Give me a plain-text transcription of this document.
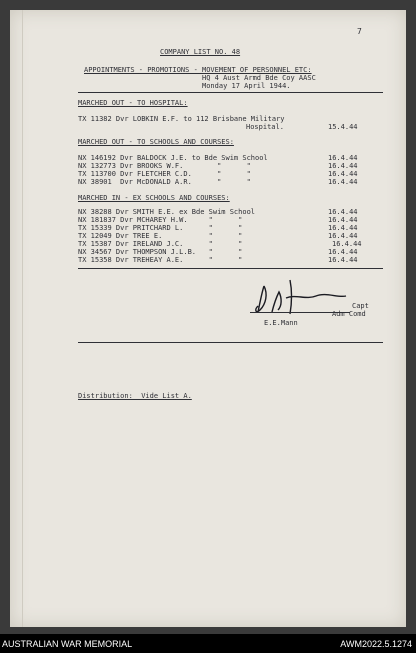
7
COMPANY LIST NO. 48
APPOINTMENTS - PROMOTIONS - MOVEMENT OF PERSONNEL ETC:
HQ 4 Aust Armd Bde Coy AASC
Monday 17 April 1944.
MARCHED OUT - TO HOSPITAL:
TX 11382 Dvr LOBKIN E.F. to 112 Brisbane Military
Hospital.	15.4.44
MARCHED OUT - TO SCHOOLS AND COURSES:
NX 146192 Dvr BALDOCK J.E. to Bde Swim School	16.4.44
NX 132773 Dvr BROOKS W.F.        "      "	16.4.44
TX 113700 Dvr FLETCHER C.D.      "      "	16.4.44
NX 38901  Dvr McDONALD A.R.      "      "	16.4.44
MARCHED IN - EX SCHOOLS AND COURSES:
NX 38288 Dvr SMITH E.E. ex Bde Swim School	16.4.44
NX 181837 Dvr MCHAREY H.W.     "      "	16.4.44
TX 15339 Dvr PRITCHARD L.      "      "	16.4.44
TX 12049 Dvr TREE E.           "      "	16.4.44
TX 15387 Dvr IRELAND J.C.      "      "	16.4.44
NX 34567 Dvr THOMPSON J.L.B.   "      "	16.4.44
TX 15358 Dvr TREHEAY A.E.      "      "	16.4.44
Capt
Adm Comd
E.E.Mann
Distribution:  Vide List A.
AUSTRALIAN WAR MEMORIAL	AWM2022.5.1274
